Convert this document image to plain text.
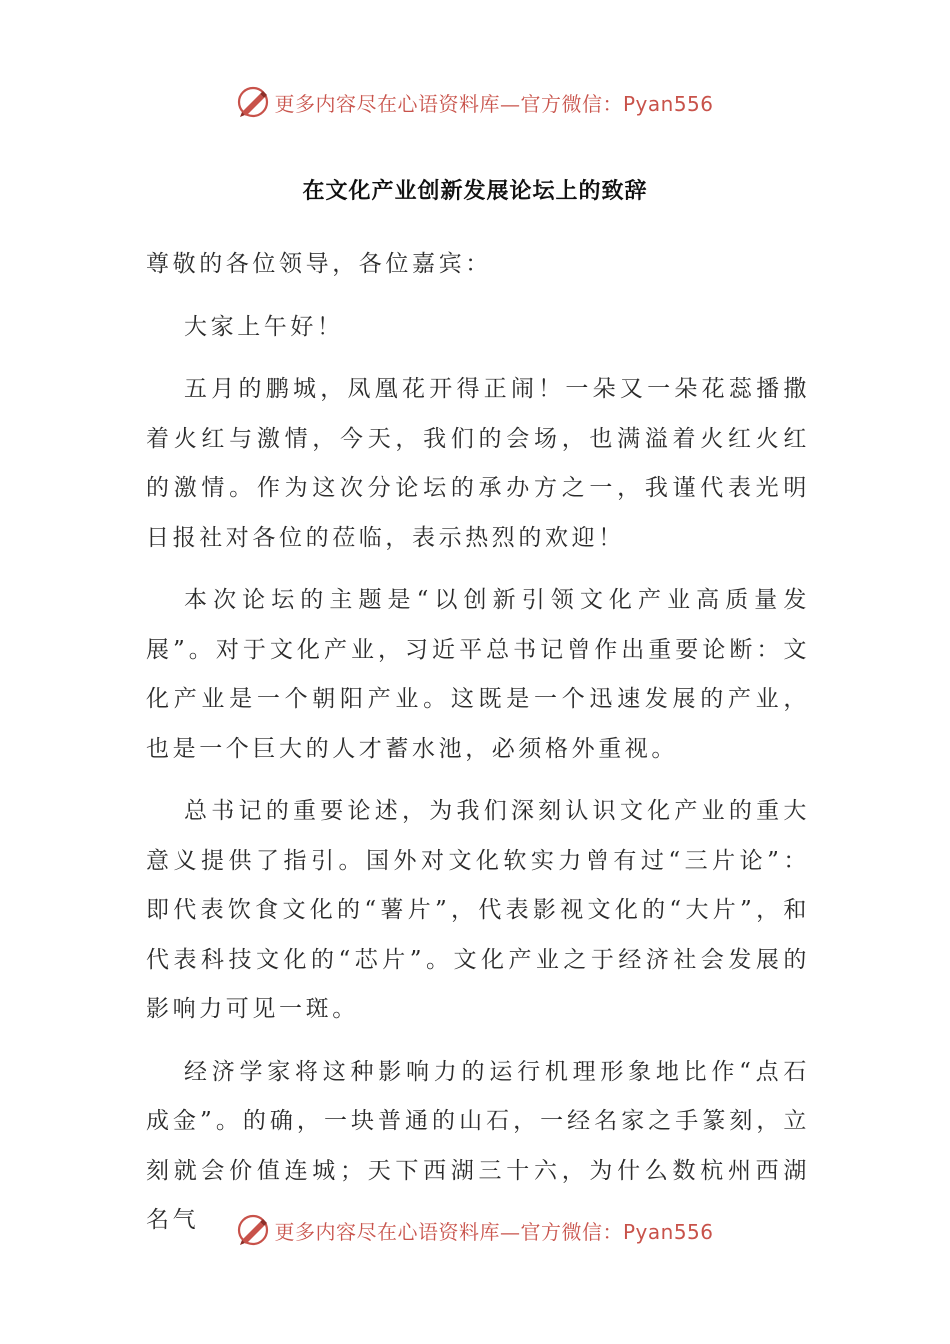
更多内容尽在心语资料库—官方微信：Pyan556
在文化产业创新发展论坛上的致辞

尊敬的各位领导，各位嘉宾：

大家上午好！

五月的鹏城，凤凰花开得正闹！一朵又一朵花蕊播撒着火红与激情，今天，我们的会场，也满溢着火红火红的激情。作为这次分论坛的承办方之一，我谨代表光明日报社对各位的莅临，表示热烈的欢迎！

本次论坛的主题是“以创新引领文化产业高质量发展”。对于文化产业，习近平总书记曾作出重要论断：文化产业是一个朝阳产业。这既是一个迅速发展的产业，也是一个巨大的人才蓄水池，必须格外重视。

总书记的重要论述，为我们深刻认识文化产业的重大意义提供了指引。国外对文化软实力曾有过“三片论”：即代表饮食文化的“薯片”，代表影视文化的“大片”，和代表科技文化的“芯片”。文化产业之于经济社会发展的影响力可见一斑。

经济学家将这种影响力的运行机理形象地比作“点石成金”。的确，一块普通的山石，一经名家之手篆刻，立刻就会价值连城；天下西湖三十六，为什么数杭州西湖名气	更多内容尽在心语资料库—官方微信：Pyan556
